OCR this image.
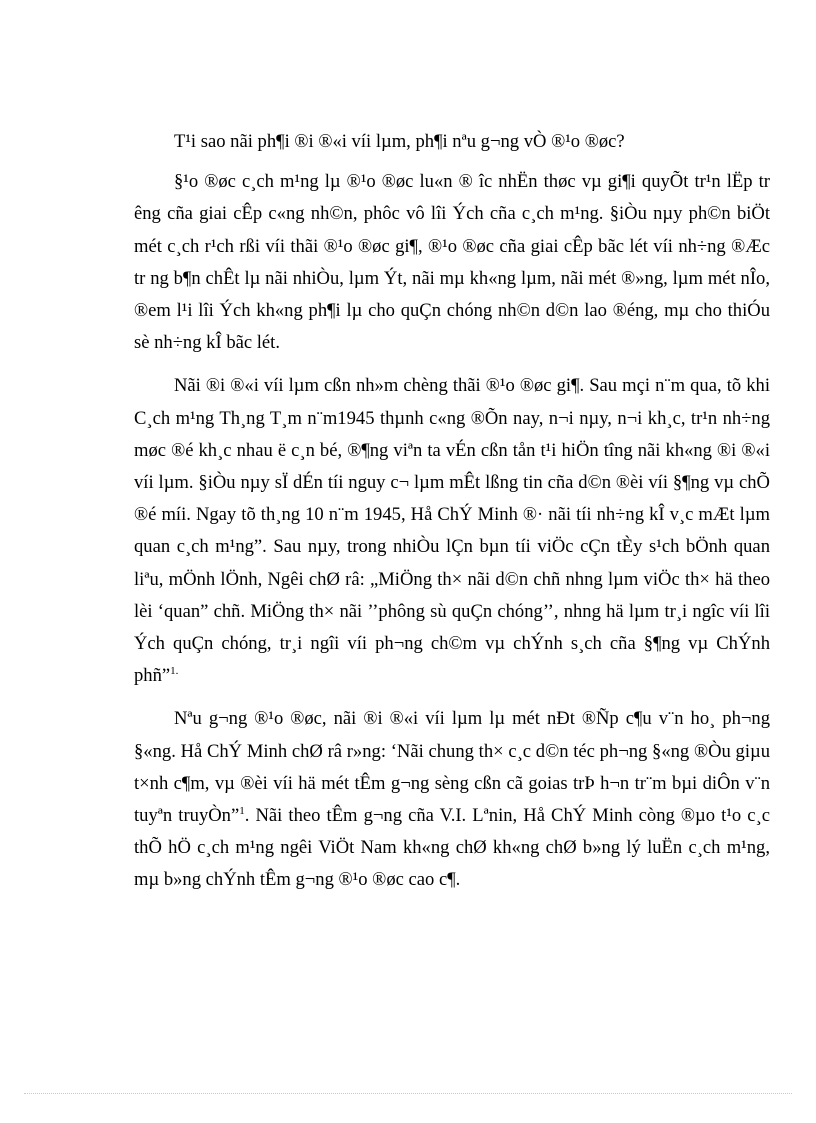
T¹i sao nãi ph¶i ®i ®«i víi lµm, ph¶i nªu g¬ng vÒ ®¹o ®øc?

§¹o ®øc c¸ch m¹ng lµ ®¹o ®øc lu«n ® îc nhËn thøc vµ gi¶i quyÕt tr¹n lËp tr êng cña giai cÊp c«ng nh©n, phôc vô lîi Ých cña c¸ch m¹ng. §iÒu nµy ph©n biÖt mét c¸ch r¹ch rßi víi thãi ®¹o ®øc gi¶, ®¹o ®øc cña giai cÊp bãc lét víi nh÷ng ®Æc tr ng b¶n chÊt lµ nãi nhiÒu, lµm Ýt, nãi mµ kh«ng lµm, nãi mét ®»ng, lµm mét nÎo, ®em l¹i lîi Ých kh«ng ph¶i lµ cho quÇn chóng nh©n d©n lao ®éng, mµ cho thiÓu sè nh÷ng kÎ bãc lét.

Nãi ®i ®«i víi lµm cßn nh»m chèng thãi ®¹o ®øc gi¶. Sau mçi n¨m qua, tõ khi C¸ch m¹ng Th¸ng T¸m n¨m1945 thµnh c«ng ®Õn nay, n¬i nµy, n¬i kh¸c, tr¹n nh÷ng møc ®é kh¸c nhau ë c¸n bé, ®¶ng viªn ta vÉn cßn tån t¹i hiÖn tîng nãi kh«ng ®i ®«i víi lµm. §iÒu nµy sÏ dÉn tíi nguy c¬ lµm mÊt lßng tin cña d©n ®èi víi §¶ng vµ chÕ ®é míi. Ngay tõ th¸ng 10 n¨m 1945, Hå ChÝ Minh ®· nãi tíi nh÷ng kÎ v¸c mÆt lµm quan c¸ch m¹ng”. Sau nµy, trong nhiÒu lÇn bµn tíi viÖc cÇn tÈy s¹ch bÖnh quan liªu, mÖnh lÖnh, Ngêi chØ râ: „MiÖng th× nãi d©n chñ nhng lµm viÖc th× hä theo lèi ‘quan” chñ. MiÖng th× nãi ’’phông sù quÇn chóng’’, nhng hä lµm tr¸i ngîc víi lîi Ých quÇn chóng, tr¸i ngîi víi ph¬ng ch©m vµ chÝnh s¸ch cña §¶ng vµ ChÝnh phñ”$^{1.}$

Nªu g¬ng ®¹o ®øc, nãi ®i ®«i víi lµm lµ mét nÐt ®Ñp c¶u v¨n ho¸ ph¬ng §«ng. Hå ChÝ Minh chØ râ r»ng: ‘Nãi chung th× c¸c d©n téc ph¬ng §«ng ®Òu giµu t×nh c¶m, vµ ®èi víi hä mét tÊm g¬ng sèng cßn cã goias trÞ h¬n tr¨m bµi diÔn v¨n tuyªn truyÒn”$^1$. Nãi theo tÊm g¬ng cña V.I. Lªnin, Hå ChÝ Minh còng ®µo t¹o c¸c thÕ hÖ c¸ch m¹ng ngêi ViÖt Nam kh«ng chØ kh«ng chØ b»ng lý luËn c¸ch m¹ng, mµ b»ng chÝnh tÊm g¬ng ®¹o ®øc cao c¶.
